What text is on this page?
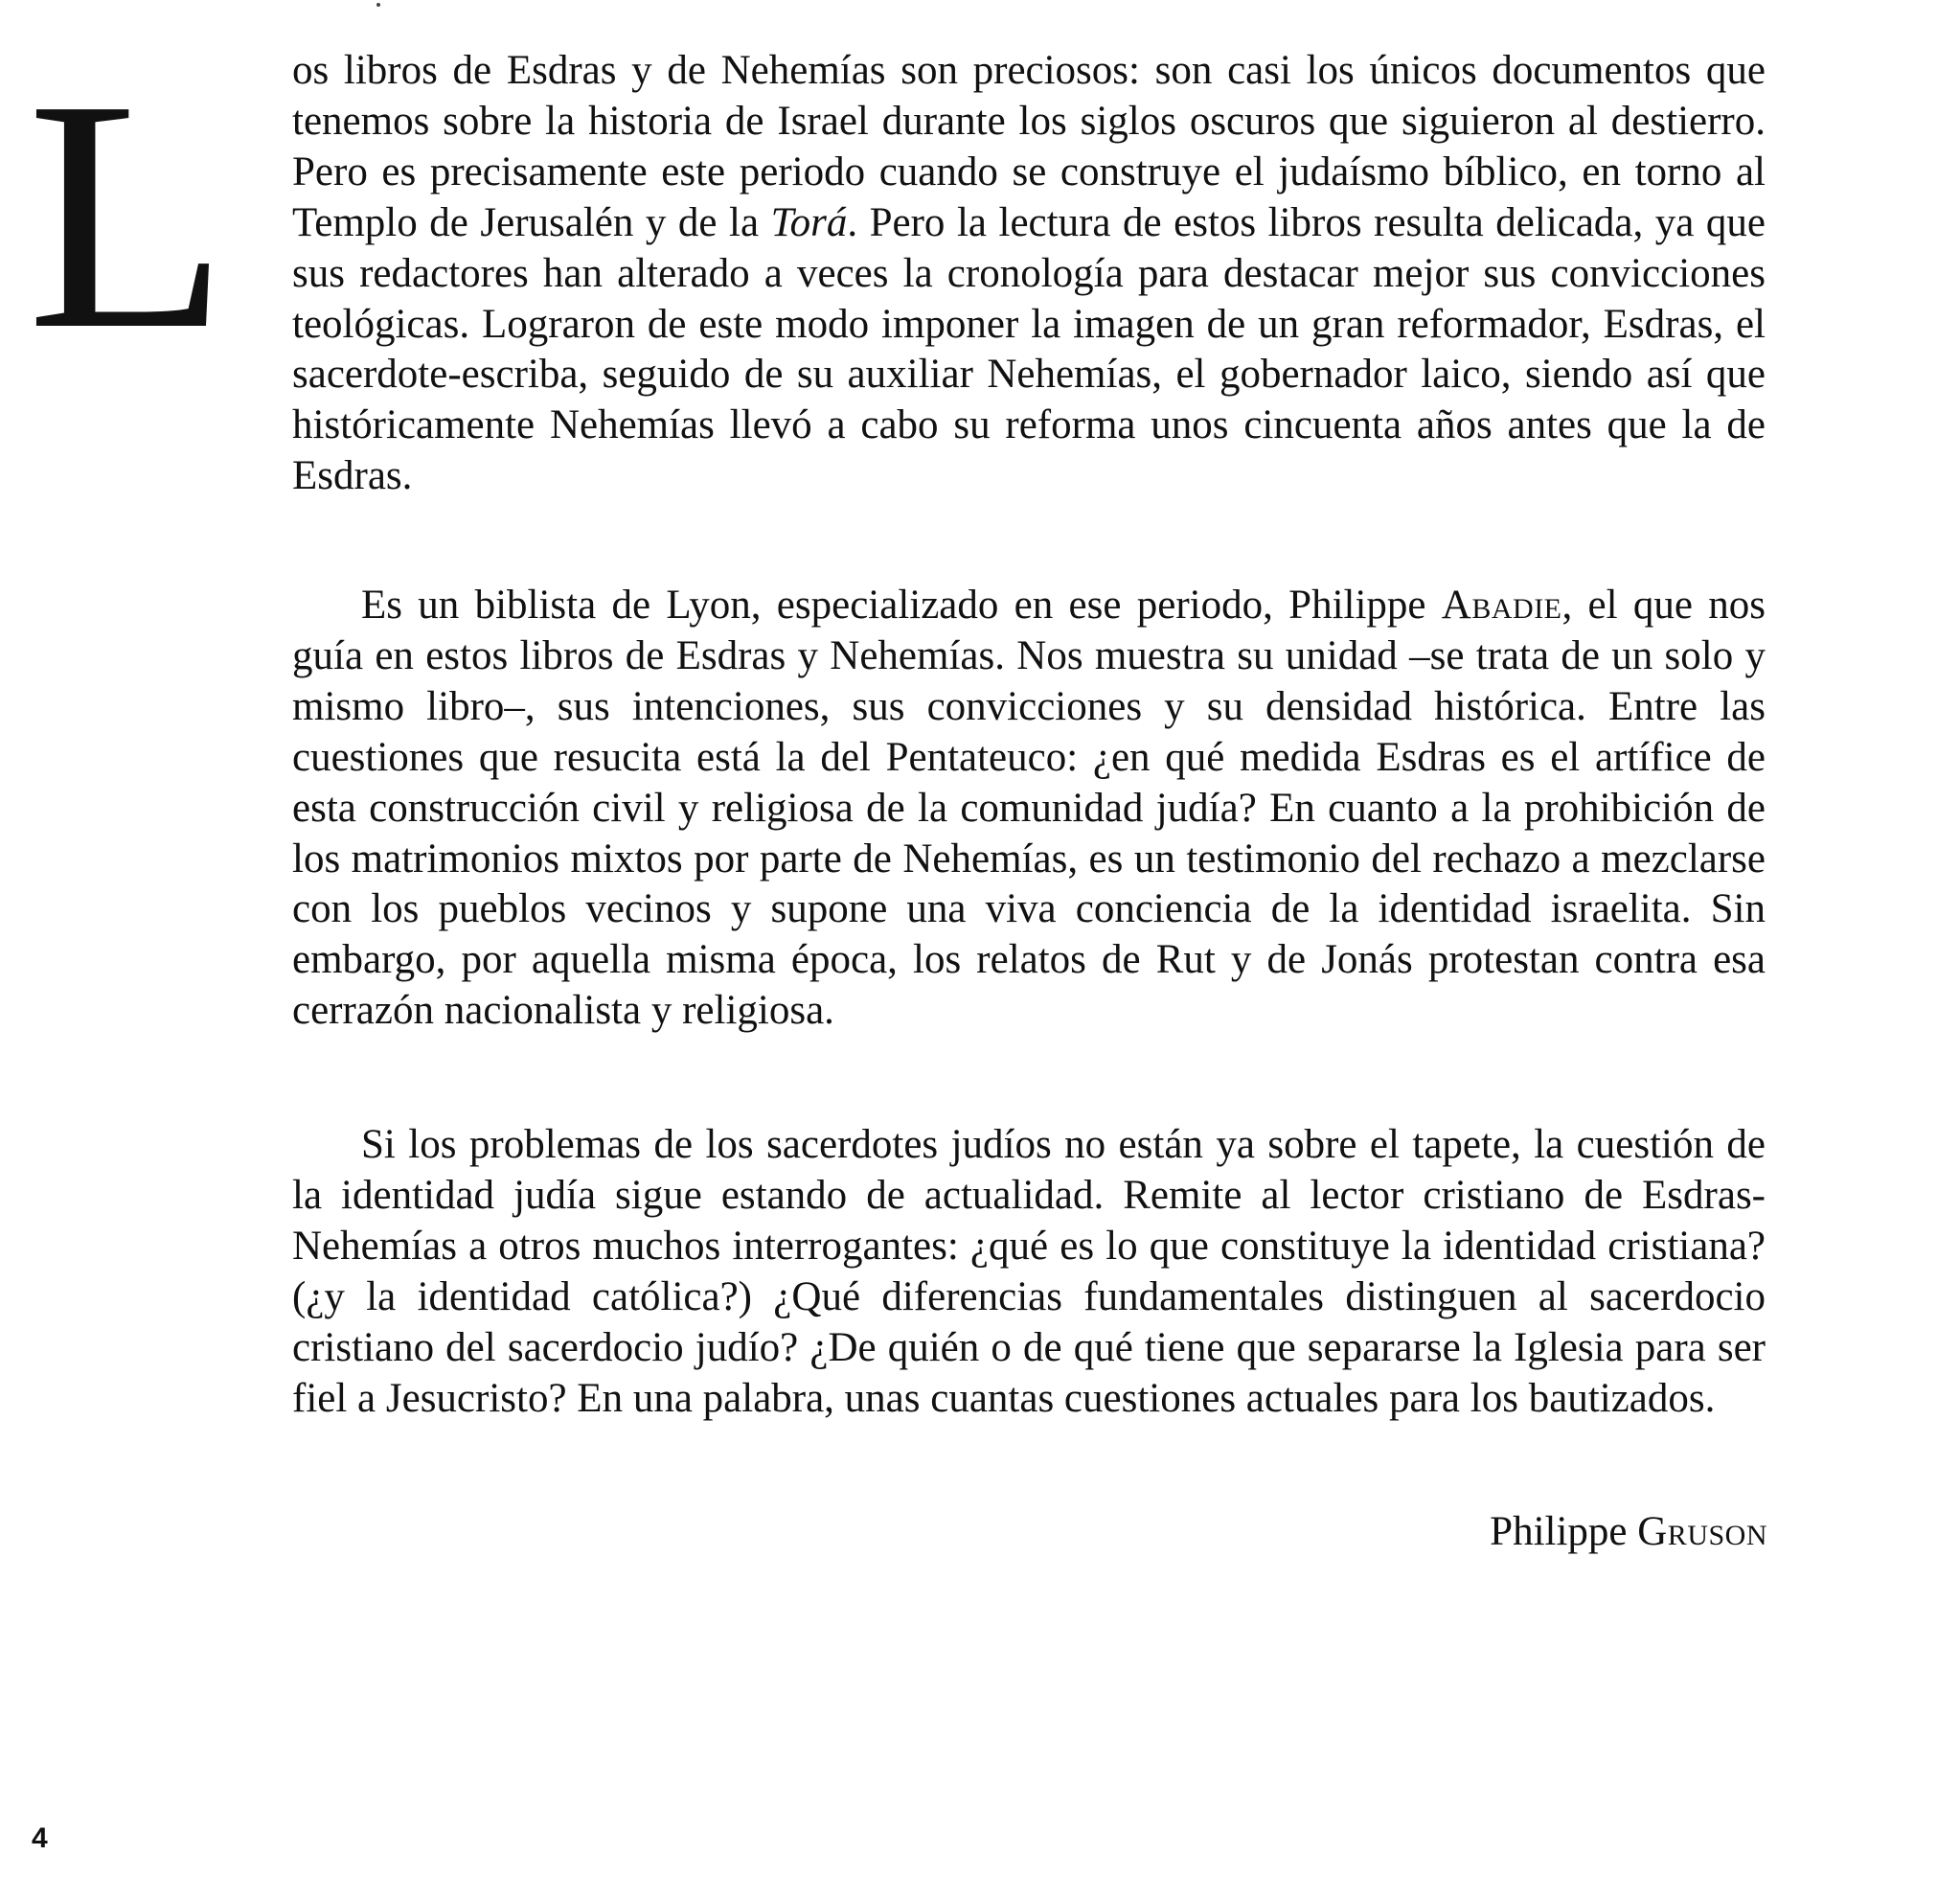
L os libros de Esdras y de Nehemías son preciosos: son casi los únicos documentos que tenemos sobre la historia de Israel durante los siglos oscuros que siguieron al destierro. Pero es precisamente este periodo cuando se construye el judaísmo bíblico, en torno al Templo de Jerusalén y de la Torá. Pero la lectura de estos libros resulta delicada, ya que sus redactores han alterado a veces la cronología para destacar mejor sus convicciones teológicas. Lograron de este modo imponer la imagen de un gran reformador, Esdras, el sacerdote-escriba, seguido de su auxiliar Nehemías, el gobernador laico, siendo así que históricamente Nehemías llevó a cabo su reforma unos cincuenta años antes que la de Esdras.

Es un biblista de Lyon, especializado en ese periodo, Philippe Abadie, el que nos guía en estos libros de Esdras y Nehemías. Nos muestra su unidad –se trata de un solo y mismo libro–, sus intenciones, sus convicciones y su densidad histórica. Entre las cuestiones que resucita está la del Pentateuco: ¿en qué medida Esdras es el artífice de esta construcción civil y religiosa de la comunidad judía? En cuanto a la prohibición de los matrimonios mixtos por parte de Nehemías, es un testimonio del rechazo a mezclarse con los pueblos vecinos y supone una viva conciencia de la identidad israelita. Sin embargo, por aquella misma época, los relatos de Rut y de Jonás protestan contra esa cerrazón nacionalista y religiosa.

Si los problemas de los sacerdotes judíos no están ya sobre el tapete, la cuestión de la identidad judía sigue estando de actualidad. Remite al lector cristiano de Esdras-Nehemías a otros muchos interrogantes: ¿qué es lo que constituye la identidad cristiana? (¿y la identidad católica?) ¿Qué diferencias fundamentales distinguen al sacerdocio cristiano del sacerdocio judío? ¿De quién o de qué tiene que separarse la Iglesia para ser fiel a Jesucristo? En una palabra, unas cuantas cuestiones actuales para los bautizados.

Philippe Gruson
4
